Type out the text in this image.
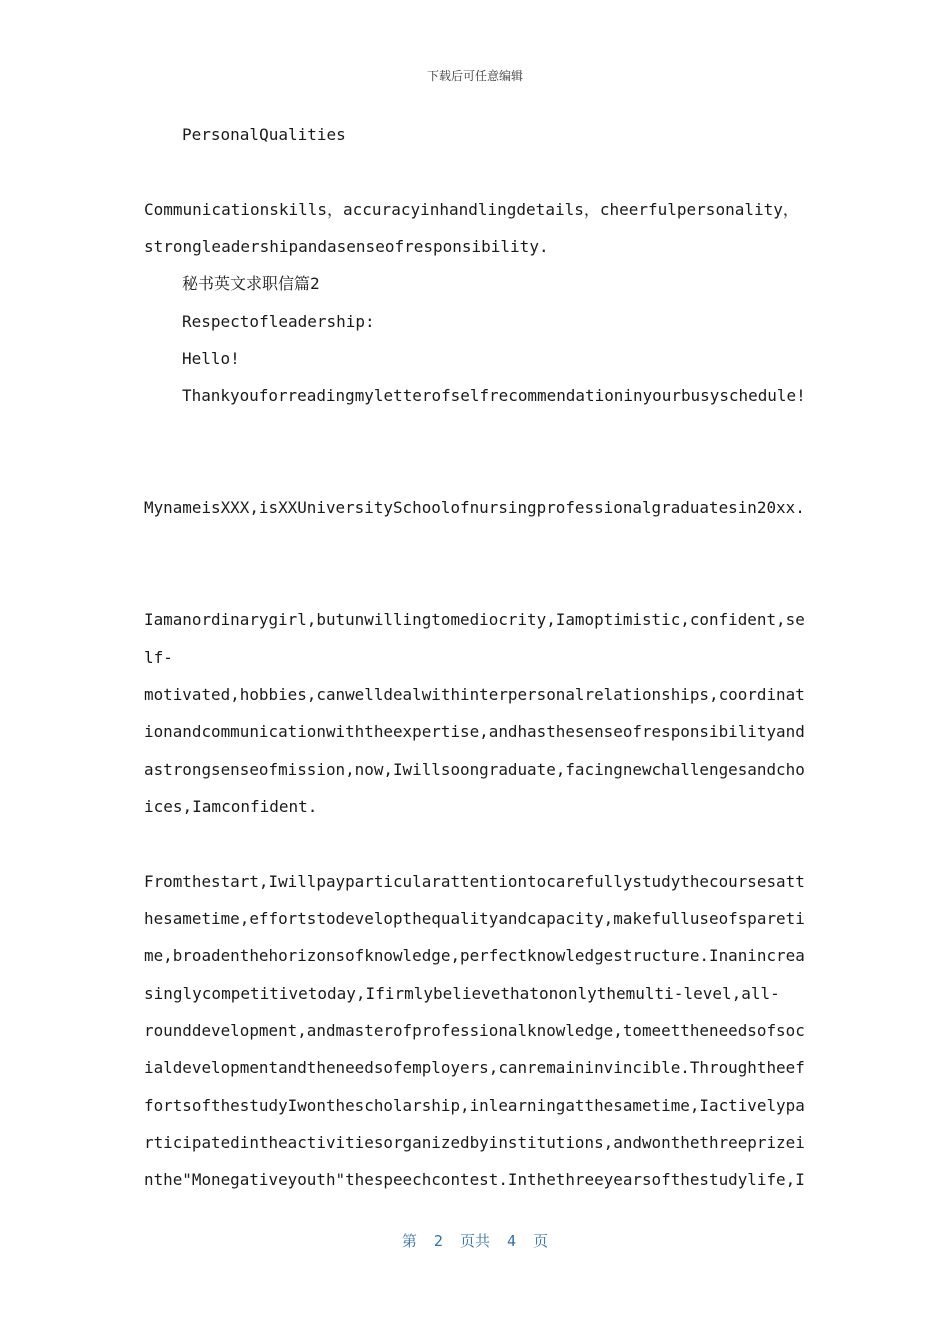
下载后可任意编辑
PersonalQualities
Communicationskills，accuracyinhandlingdetails，cheerfulpersonality，
strongleadershipandasenseofresponsibility.
秘书英文求职信篇2
Respectofleadership:
Hello!
Thankyouforreadingmyletterofselfrecommendationinyourbusyschedule!
MynameisXXX,isXXUniversitySchoolofnursingprofessionalgraduatesin20xx.
Iamanordinarygirl,butunwillingtomediocrity,Iamoptimistic,confident,se
lf-
motivated,hobbies,canwelldealwithinterpersonalrelationships,coordinat
ionandcommunicationwiththeexpertise,andhasthesenseofresponsibilityand
astrongsenseofmission,now,Iwillsoongraduate,facingnewchallengesandcho
ices,Iamconfident.
Fromthestart,Iwillpayparticularattentiontocarefullystudythecoursesatt
hesametime,effortstodevelopthequalityandcapacity,makefulluseofspareti
me,broadenthehorizonsofknowledge,perfectknowledgestructure.Inanincrea
singlycompetitivetoday,Ifirmlybelievethatononlythemulti-level,all-
rounddevelopment,andmasterofprofessionalknowledge,tomeettheneedsofsoc
ialdevelopmentandtheneedsofemployers,canremaininvincible.Throughtheef
fortsofthestudyIwonthescholarship,inlearningatthesametime,Iactivelypa
rticipatedintheactivitiesorganizedbyinstitutions,andwonthethreeprizei
nthe"Monegativeyouth"thespeechcontest.Inthethreeyearsofthestudylife,I
第 2 页共 4 页
